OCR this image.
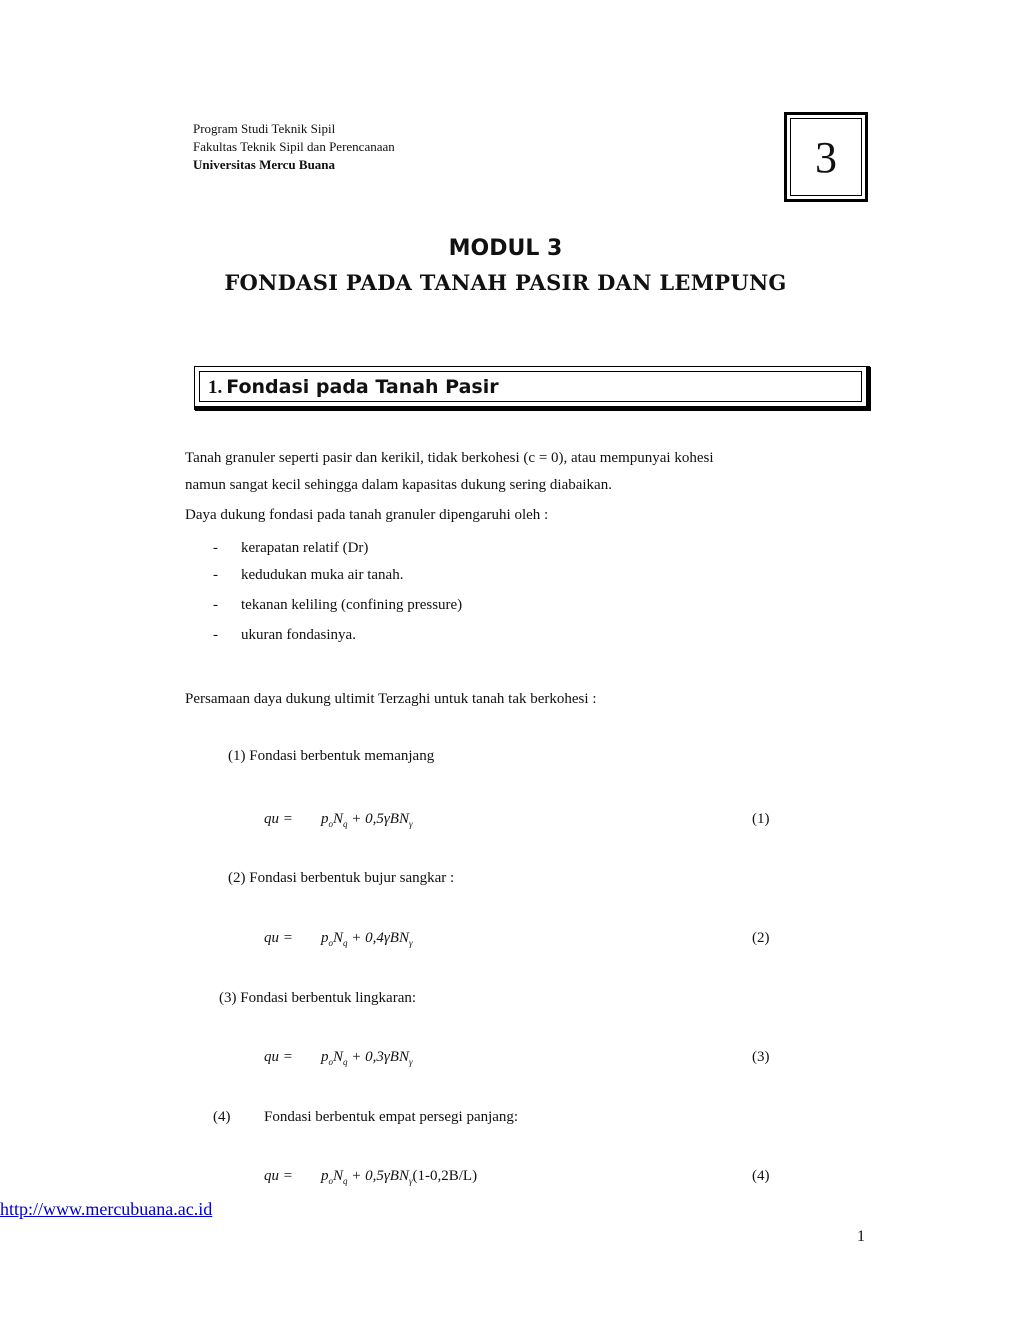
Program Studi Teknik Sipil
Fakultas Teknik Sipil dan Perencanaan
Universitas Mercu Buana	3
MODUL 3
FONDASI PADA TANAH PASIR DAN LEMPUNG
1. Fondasi pada Tanah Pasir
Tanah granuler seperti pasir dan kerikil, tidak berkohesi (c = 0), atau mempunyai kohesi
namun sangat kecil sehingga dalam kapasitas dukung sering diabaikan.
Daya dukung fondasi pada tanah granuler dipengaruhi oleh :
- kerapatan relatif (Dr)
- kedudukan muka air tanah.
- tekanan keliling (confining pressure)
- ukuran fondasinya.
Persamaan daya dukung ultimit Terzaghi untuk tanah tak berkohesi :
(1) Fondasi berbentuk memanjang
qu = $p_oN_q + 0,5\gamma BN_\gamma$	(1)
(2) Fondasi berbentuk bujur sangkar :
qu = $p_oN_q + 0,4\gamma BN_\gamma$	(2)
(3) Fondasi berbentuk lingkaran:
qu = $p_oN_q + 0,3\gamma BN_\gamma$	(3)
(4) Fondasi berbentuk empat persegi panjang:
qu = $p_oN_q + 0,5\gamma BN_\gamma(1-0,2B/L)$	(4)
http://www.mercubuana.ac.id
1
